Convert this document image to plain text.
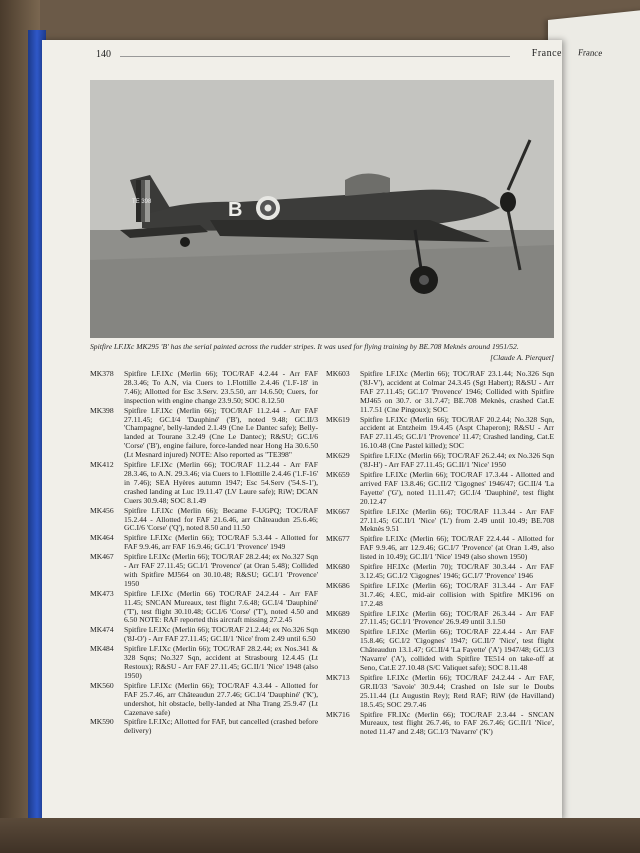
France
140	France
B
TE 398
Spitfire LF.IXc MK295 'B' has the serial painted across the rudder stripes. It was used for flying training by BE.708 Meknès around 1951/52.
[Claude A. Pierquet]
MK378	Spitfire LF.IXc (Merlin 66); TOC/RAF 4.2.44 - Arr FAF 28.3.46; To A.N, via Cuers to 1.Flottille 2.4.46 ('1.F-18' in 7.46); Allotted for Esc 3.Serv. 23.5.50, arr 14.6.50; Cuers, for inspection with engine change 23.9.50; SOC 8.12.50
MK398	Spitfire LF.IXc (Merlin 66); TOC/RAF 11.2.44 - Arr FAF 27.11.45; GC.I/4 'Dauphiné' ('B'), noted 9.48; GC.II/3 'Champagne', belly-landed 2.1.49 (Cne Le Dantec safe); Belly-landed at Tourane 3.2.49 (Cne Le Dantec); R&SU; GC.I/6 'Corse' ('B'), engine failure, force-landed near Hong Ha 30.6.50 (Lt Mesnard injured) NOTE: Also reported as "TE398"
MK412	Spitfire LF.IXc (Merlin 66); TOC/RAF 11.2.44 - Arr FAF 28.3.46, to A.N. 29.3.46; via Cuers to 1.Flottille 2.4.46 ('1.F-16' in 7.46); SEA Hyères autumn 1947; Esc 54.Serv ('54.S-1'), crashed landing at Luc 19.11.47 (LV Laure safe); RiW; DCAN Cuers 30.9.48; SOC 8.1.49
MK456	Spitfire LF.IXc (Merlin 66); Became F-UGPQ; TOC/RAF 15.2.44 - Allotted for FAF 21.6.46, arr Châteaudun 25.6.46; GC.I/6 'Corse' ('Q'), noted 8.50 and 11.50
MK464	Spitfire LF.IXc (Merlin 66); TOC/RAF 5.3.44 - Allotted for FAF 9.9.46, arr FAF 16.9.46; GC.I/1 'Provence' 1949
MK467	Spitfire LF.IXc (Merlin 66); TOC/RAF 28.2.44; ex No.327 Sqn - Arr FAF 27.11.45; GC.I/1 'Provence' (at Oran 5.48); Collided with Spitfire MJ564 on 30.10.48; R&SU; GC.I/1 'Provence' 1950
MK473	Spitfire LF.IXc (Merlin 66) TOC/RAF 24.2.44 - Arr FAF 11.45; SNCAN Mureaux, test flight 7.6.48; GC.I/4 'Dauphiné' ('T'), test flight 30.10.48; GC.I/6 'Corse' ('T'), noted 4.50 and 6.50 NOTE: RAF reported this aircraft missing 27.2.45
MK474	Spitfire LF.IXc (Merlin 66); TOC/RAF 21.2.44; ex No.326 Sqn ('8J-O') - Arr FAF 27.11.45; GC.II/1 'Nice' from 2.49 until 6.50
MK484	Spitfire LF.IXc (Merlin 66); TOC/RAF 28.2.44; ex Nos.341 & 328 Sqns; No.327 Sqn, accident at Strasbourg 12.4.45 (Lt Restoux); R&SU - Arr FAF 27.11.45; GC.II/1 'Nice' 1948 (also 1950)
MK560	Spitfire LF.IXc (Merlin 66); TOC/RAF 4.3.44 - Allotted for FAF 25.7.46, arr Châteaudun 27.7.46; GC.I/4 'Dauphiné' ('K'), undershot, hit obstacle, belly-landed at Nha Trang 25.9.47 (Lt Cazenave safe)
MK590	Spitfire LF.IXc; Allotted for FAF, but cancelled (crashed before delivery)
MK603	Spitfire LF.IXc (Merlin 66); TOC/RAF 23.1.44; No.326 Sqn ('8J-V'), accident at Colmar 24.3.45 (Sgt Habert); R&SU - Arr FAF 27.11.45; GC.I/7 'Provence' 1946; Collided with Spitfire MJ465 on 30.7. or 31.7.47; BE.708 Meknès, crashed Cat.E 11.7.51 (Cne Pingoux); SOC
MK619	Spitfire LF.IXc (Merlin 66); TOC/RAF 20.2.44; No.328 Sqn, accident at Entzheim 19.4.45 (Aspt Chaperon); R&SU - Arr FAF 27.11.45; GC.I/1 'Provence' 11.47; Crashed landing, Cat.E 16.10.48 (Cne Pastel killed); SOC
MK629	Spitfire LF.IXc (Merlin 66); TOC/RAF 26.2.44; ex No.326 Sqn ('8J-H') - Arr FAF 27.11.45; GC.II/1 'Nice' 1950
MK659	Spitfire LF.IXc (Merlin 66); TOC/RAF 17.3.44 - Allotted and arrived FAF 13.8.46; GC.II/2 'Cigognes' 1946/47; GC.II/4 'La Fayette' ('G'), noted 11.11.47; GC.I/4 'Dauphiné', test flight 20.12.47
MK667	Spitfire LF.IXc (Merlin 66); TOC/RAF 11.3.44 - Arr FAF 27.11.45; GC.II/1 'Nice' ('L') from 2.49 until 10.49; BE.708 Meknès 9.51
MK677	Spitfire LF.IXc (Merlin 66); TOC/RAF 22.4.44 - Allotted for FAF 9.9.46, arr 12.9.46; GC.I/7 'Provence' (at Oran 1.49, also listed in 10.49); GC.II/1 'Nice' 1949 (also shown 1950)
MK680	Spitfire HF.IXc (Merlin 70); TOC/RAF 30.3.44 - Arr FAF 3.12.45; GC.I/2 'Cigognes' 1946; GC.I/7 'Provence' 1946
MK686	Spitfire LF.IXc (Merlin 66); TOC/RAF 31.3.44 - Arr FAF 31.7.46; 4.EC, mid-air collision with Spitfire MK196 on 17.2.48
MK689	Spitfire LF.IXc (Merlin 66); TOC/RAF 26.3.44 - Arr FAF 27.11.45; GC.I/1 'Provence' 26.9.49 until 3.1.50
MK690	Spitfire LF.IXc (Merlin 66); TOC/RAF 22.4.44 - Arr FAF 15.8.46; GC.I/2 'Cigognes' 1947; GC.II/7 'Nice', test flight Châteaudun 13.1.47; GC.II/4 'La Fayette' ('A') 1947/48; GC.I/3 'Navarre' ('A'), collided with Spitfire TE514 on take-off at Seno, Cat.E 27.10.48 (S/C Valiquet safe); SOC 8.11.48
MK713	Spitfire LF.IXc (Merlin 66); TOC/RAF 24.2.44 - Arr FAF, GR.II/33 'Savoie' 30.9.44; Crashed on Isle sur le Doubs 25.11.44 (Lt Augustin Rey); Retd RAF; RiW (de Havilland) 18.5.45; SOC 29.7.46
MK716	Spitfire FR.IXc (Merlin 66); TOC/RAF 2.3.44 - SNCAN Mureaux, test flight 26.7.46, to FAF 26.7.46; GC.II/1 'Nice', noted 11.47 and 2.48; GC.I/3 'Navarre' ('K')
